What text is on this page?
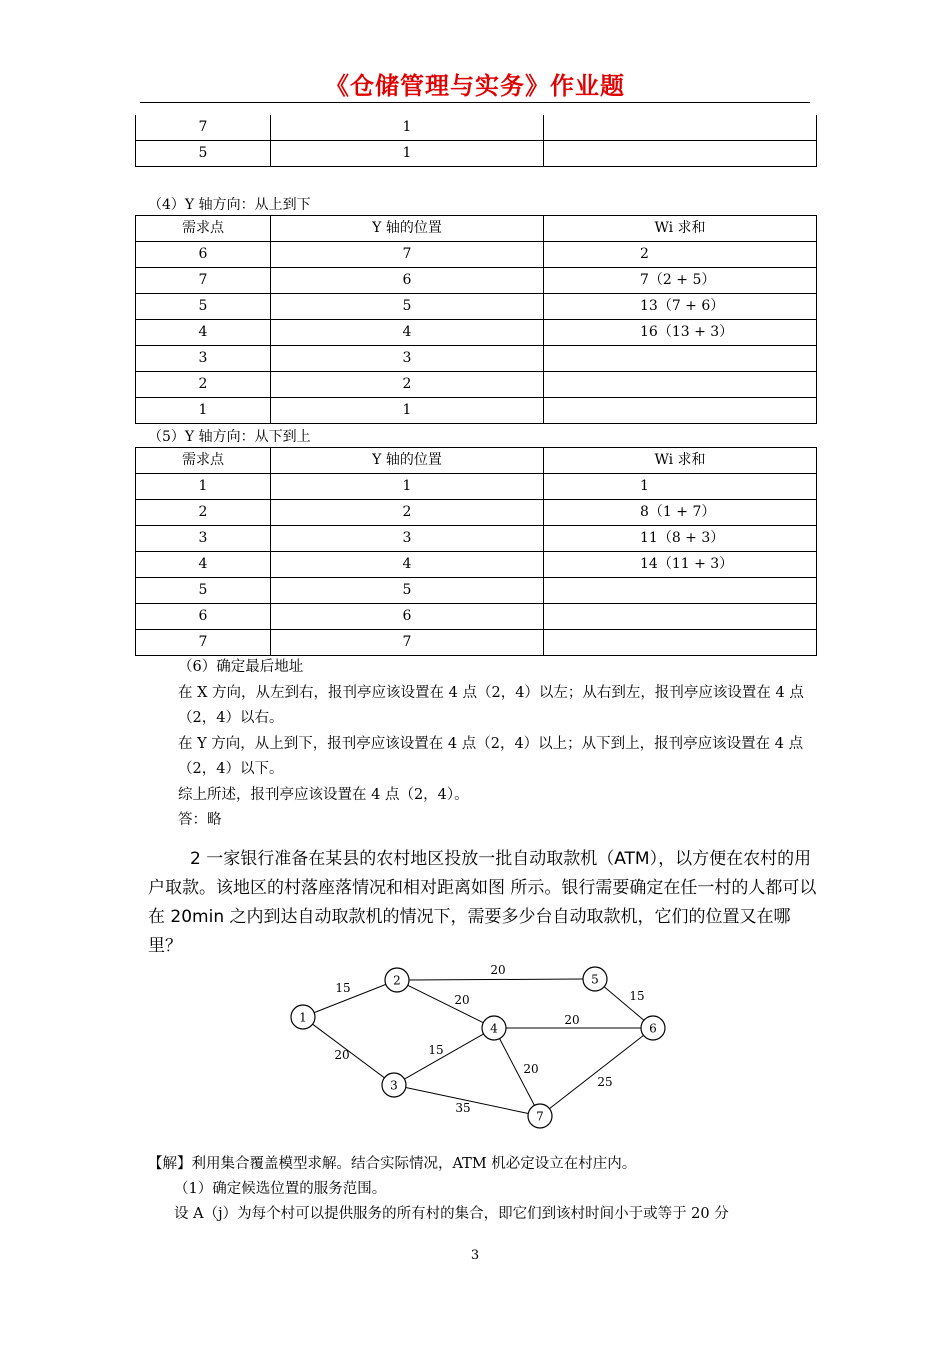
《仓储管理与实务》作业题
7	1	
5	1	
（4）Y 轴方向：从上到下
需求点	Y 轴的位置	Wi 求和
6	7	2
7	6	7（2 + 5）
5	5	13（7 + 6）
4	4	16（13 + 3）
3	3	
2	2	
1	1	
（5）Y 轴方向：从下到上
需求点	Y 轴的位置	Wi 求和
1	1	1
2	2	8（1 + 7）
3	3	11（8 + 3）
4	4	14（11 + 3）
5	5	
6	6	
7	7	
（6）确定最后地址
在 X 方向，从左到右，报刊亭应该设置在 4 点（2，4）以左；从右到左，报刊亭应该设置在 4 点（2，4）以右。
在 Y 方向，从上到下，报刊亭应该设置在 4 点（2，4）以上；从下到上，报刊亭应该设置在 4 点（2，4）以下。
综上所述，报刊亭应该设置在 4 点（2，4）。
答：略
2 一家银行准备在某县的农村地区投放一批自动取款机（ATM），以方便在农村的用户取款。该地区的村落座落情况和相对距离如图 所示。银行需要确定在任一村的人都可以在 20min 之内到达自动取款机的情况下，需要多少台自动取款机，它们的位置又在哪里？
15
20
20
20
15
20
15
20
35
25
1
2
3
4
5
6
7
【解】利用集合覆盖模型求解。结合实际情况，ATM 机必定设立在村庄内。
（1）确定候选位置的服务范围。
设 A（j）为每个村可以提供服务的所有村的集合，即它们到该村时间小于或等于 20 分
3
